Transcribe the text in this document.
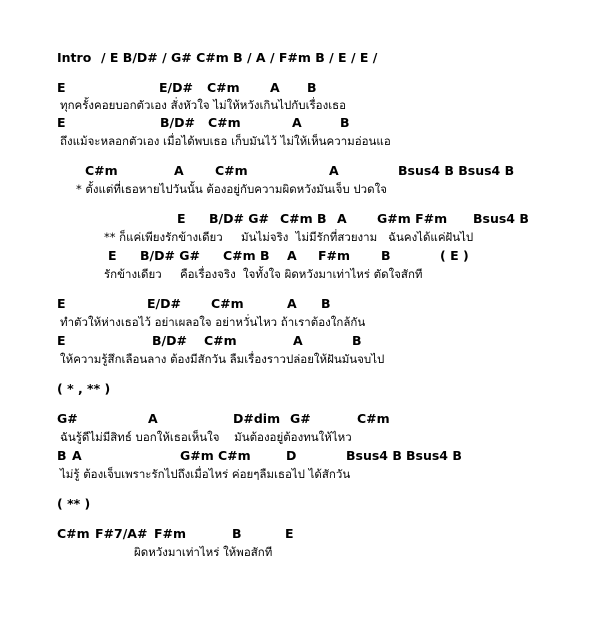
Intro

/ E B/D# / G# C#m B / A / F#m B / E / E /

E

	E/D#

C#m

A

B

ทุกครั้งคอยบอกตัวเอง สั่งหัวใจ ไม่ให้หวังเกินไปกับเรื่องเธอ

E

	B/D#

C#m

	A

	B

ถึงแม้จะหลอกตัวเอง เมื่อได้พบเธอ เก็บมันไว้ ไม่ให้เห็นความอ่อนแอ

C#m

	A

	C#m

	A

	Bsus4 B Bsus4 B

* ตั้งแต่ที่เธอหายไปวันนั้น ต้องอยู่กับความผิดหวังมันเจ็บ ปวดใจ

E

B/D# G#

C#m B

A

G#m F#m

Bsus4 B

** ก็แค่เพียงรักข้างเดียว     มันไม่จริง  ไม่มีรักที่สวยงาม   ฉันคงได้แค่ฝันไป

E

B/D# G#

C#m B

A

F#m

B

	( E )

รักข้างเดียว     คือเรื่องจริง  ใจทั้งใจ ผิดหวังมาเท่าไหร่ ตัดใจสักที

E

	E/D#

C#m

	A

B

ทำตัวให้ห่างเธอไว้ อย่าเผลอใจ อย่าหวั่นไหว ถ้าเราต้องใกล้กัน

E

	B/D#

C#m

	A

	B

ให้ความรู้สึกเลือนลาง ต้องมีสักวัน ลืมเรื่องราวปล่อยให้ฝันมันจบไป
( * , ** )

G#

	A

	D#dim

G#

	C#m

ฉันรู้ดีไม่มีสิทธ์ บอกให้เธอเห็นใจ    มันต้องอยู่ต้องทนให้ไหว

B

A

	G#m

C#m

	D

	Bsus4 B

Bsus4 B

ไม่รู้ ต้องเจ็บเพราะรักไปถึงเมื่อไหร่ ค่อยๆลืมเธอไป ได้สักวัน
( ** )

C#m

F#7/A#

F#m

	B

	E

ผิดหวังมาเท่าไหร่ ให้พอสักที
